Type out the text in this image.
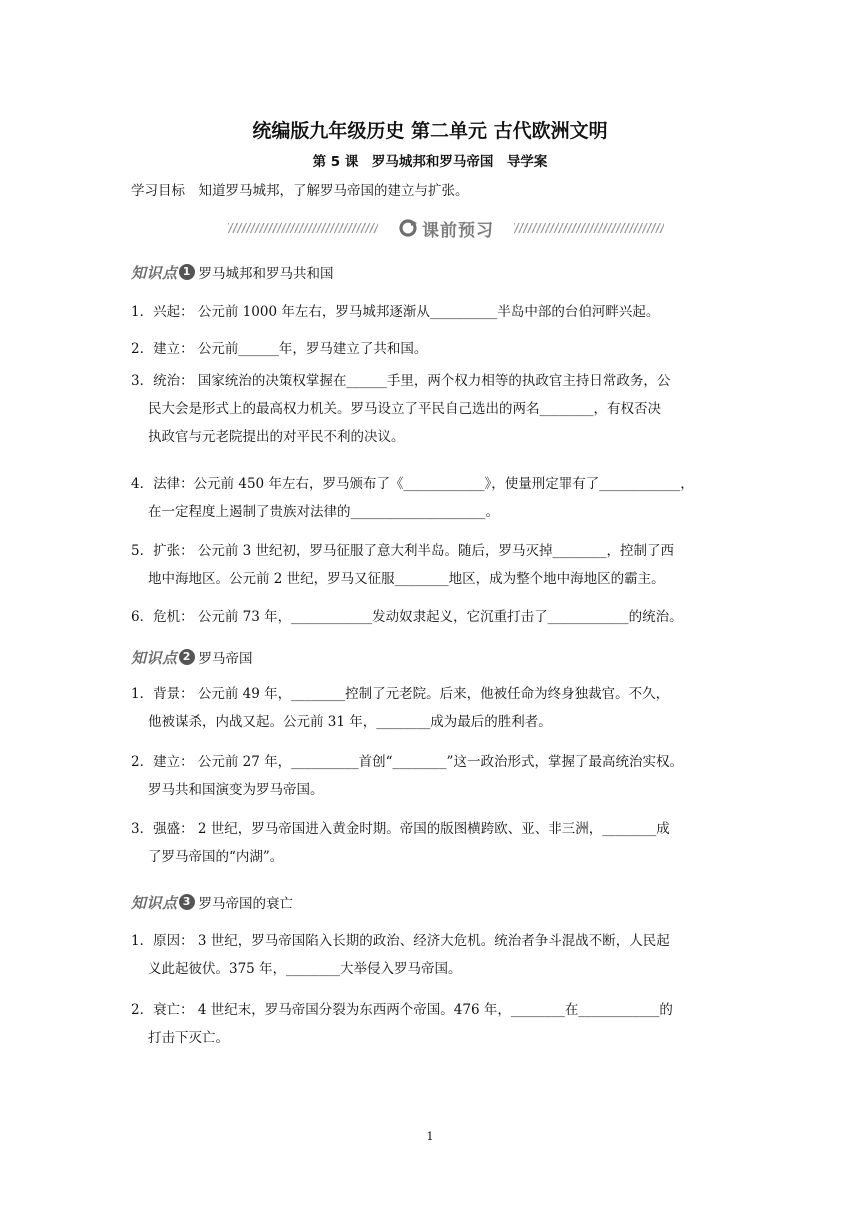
统编版九年级历史 第二单元 古代欧洲文明
第 5 课　罗马城邦和罗马帝国　导学案
学习目标　知道罗马城邦，了解罗马帝国的建立与扩张。
课前预习
知识点 1 罗马城邦和罗马共和国
1．兴起： 公元前 1000 年左右，罗马城邦逐渐从__________半岛中部的台伯河畔兴起。
2．建立： 公元前______年，罗马建立了共和国。
3．统治： 国家统治的决策权掌握在______手里，两个权力相等的执政官主持日常政务，公
民大会是形式上的最高权力机关。罗马设立了平民自己选出的两名________，有权否决
执政官与元老院提出的对平民不利的决议。
4．法律：公元前 450 年左右，罗马颁布了《____________》，使量刑定罪有了____________，
在一定程度上遏制了贵族对法律的____________________。
5．扩张： 公元前 3 世纪初，罗马征服了意大利半岛。随后，罗马灭掉________，控制了西
地中海地区。公元前 2 世纪，罗马又征服________地区，成为整个地中海地区的霸主。
6．危机： 公元前 73 年，____________发动奴隶起义，它沉重打击了____________的统治。
知识点 2 罗马帝国
1．背景： 公元前 49 年，________控制了元老院。后来，他被任命为终身独裁官。不久，
他被谋杀，内战又起。公元前 31 年，________成为最后的胜利者。
2．建立： 公元前 27 年，__________首创“________”这一政治形式，掌握了最高统治实权。
罗马共和国演变为罗马帝国。
3．强盛： 2 世纪，罗马帝国进入黄金时期。帝国的版图横跨欧、亚、非三洲，________成
了罗马帝国的“内湖”。
知识点 3 罗马帝国的衰亡
1．原因： 3 世纪，罗马帝国陷入长期的政治、经济大危机。统治者争斗混战不断，人民起
义此起彼伏。375 年，________大举侵入罗马帝国。
2．衰亡： 4 世纪末，罗马帝国分裂为东西两个帝国。476 年，________在____________的
打击下灭亡。
1
